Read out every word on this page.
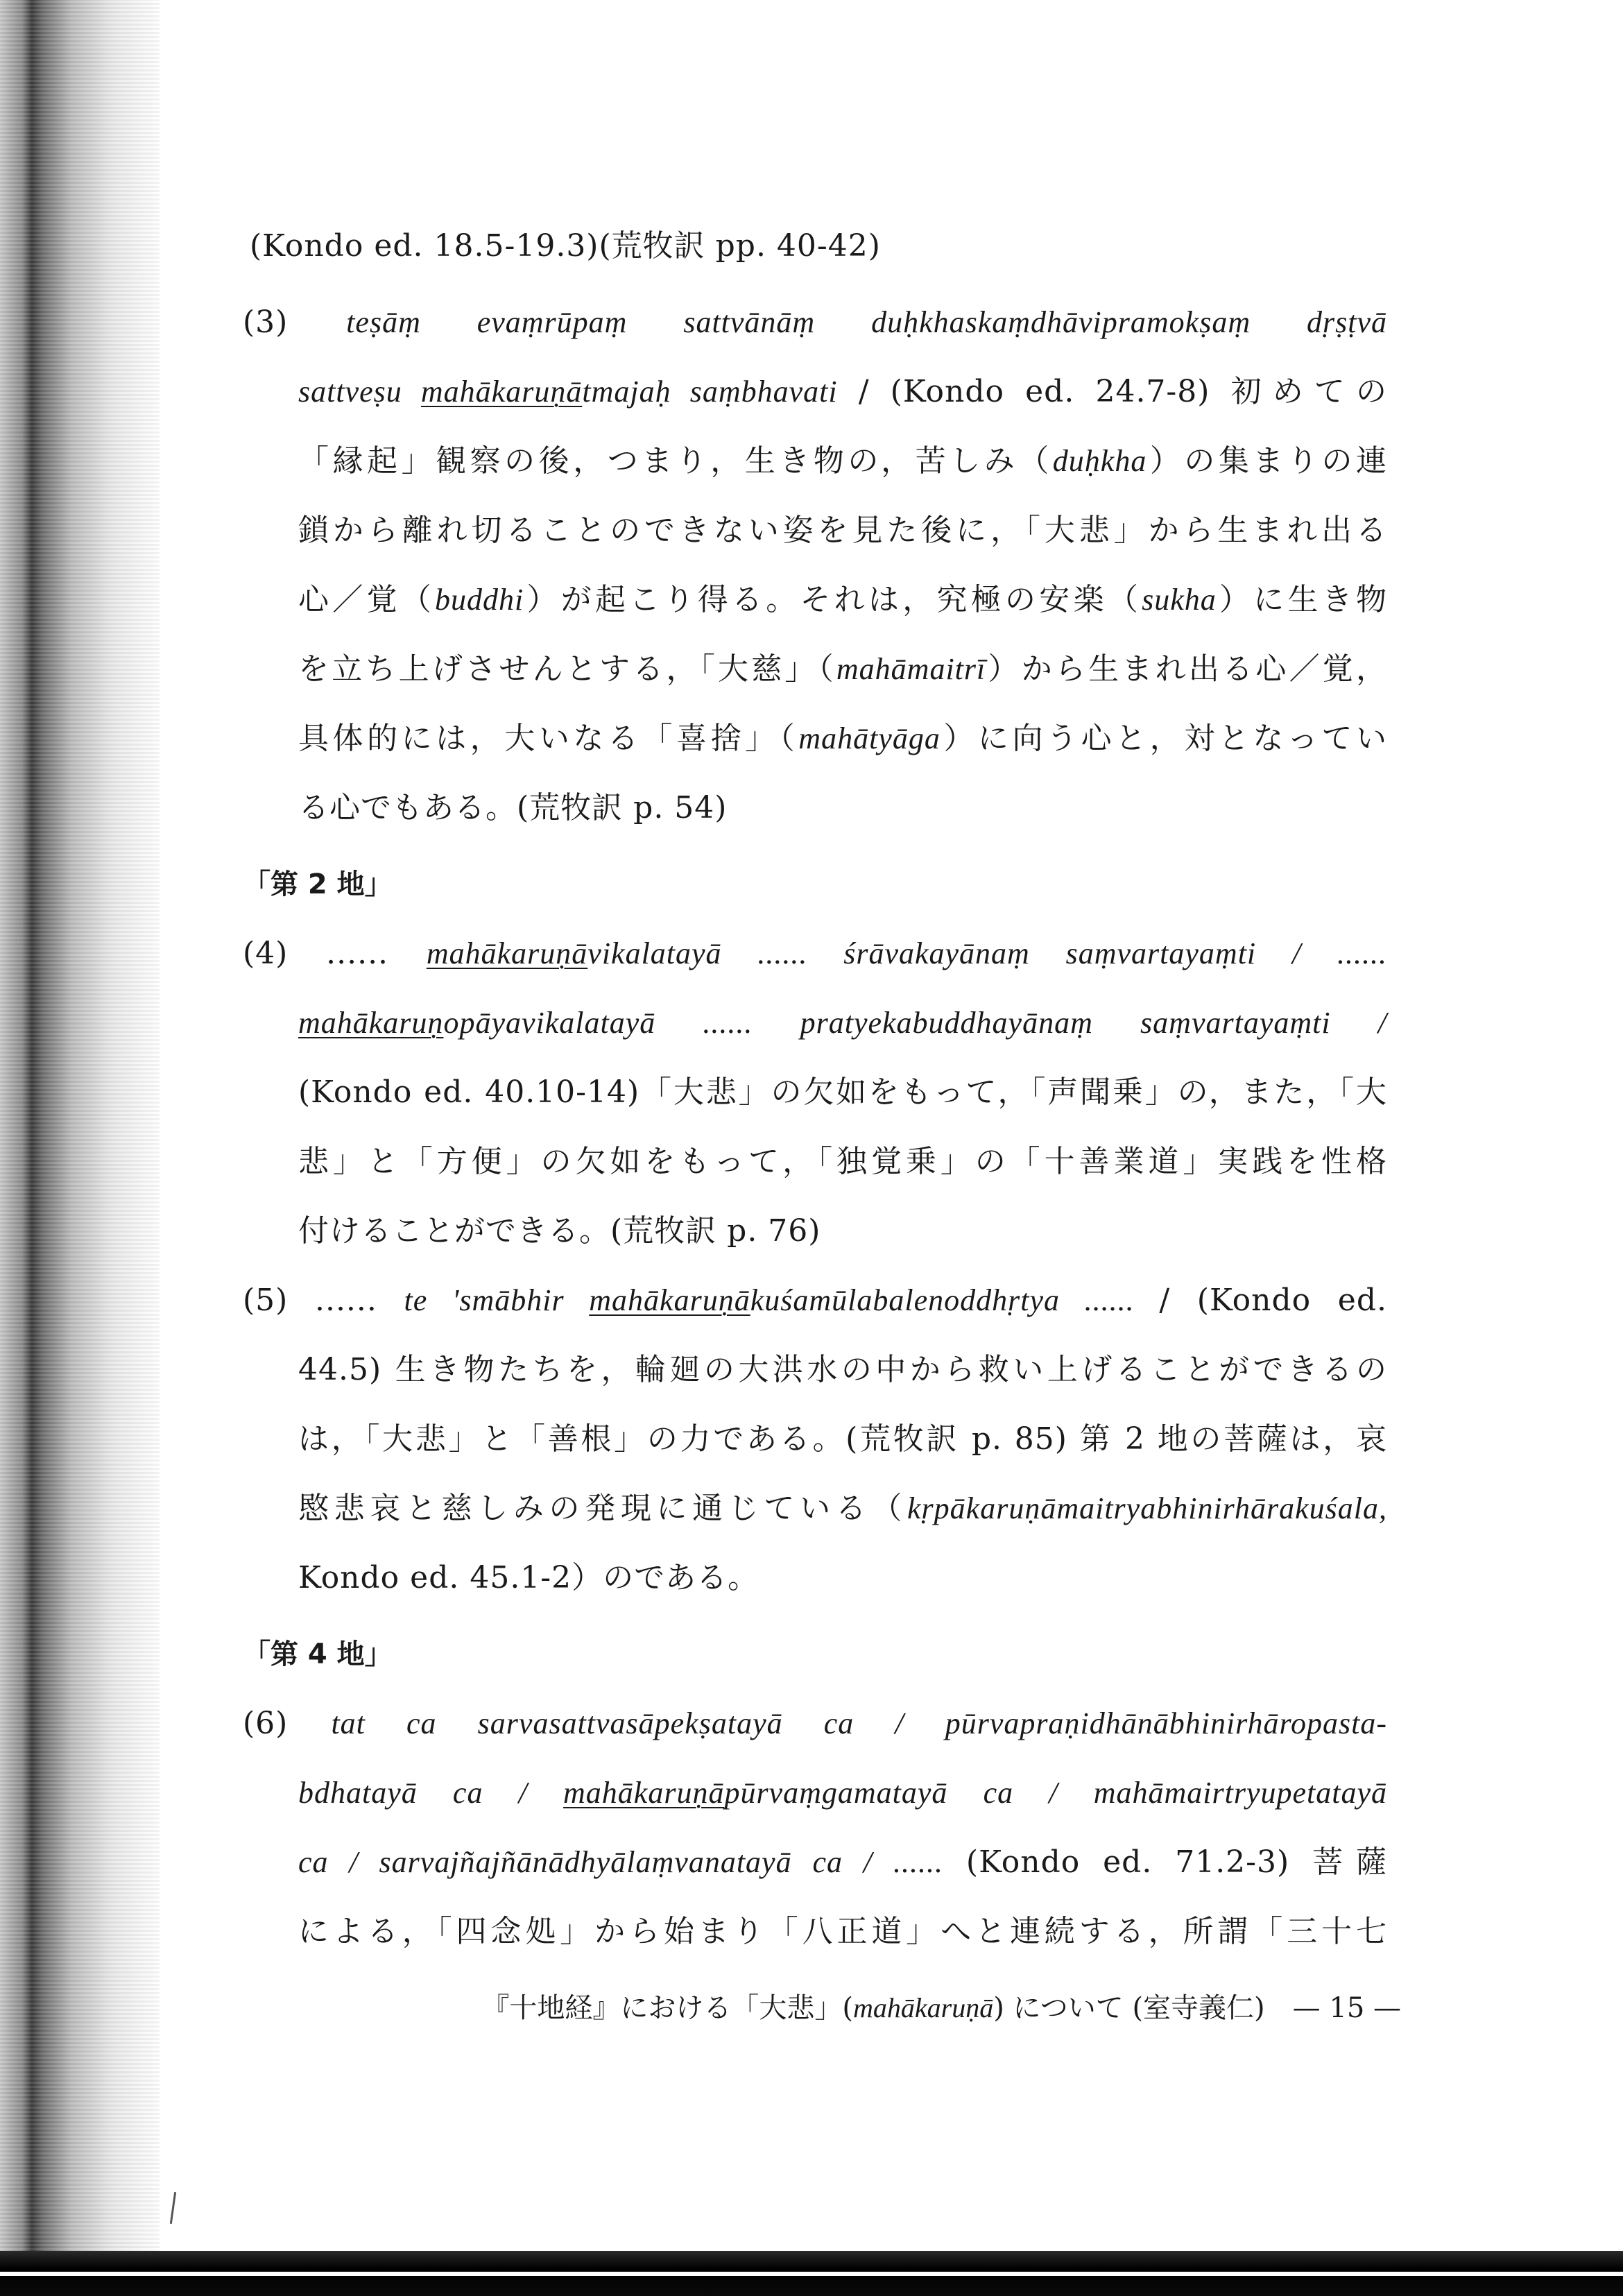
(Kondo ed. 18.5-19.3)(荒牧訳 pp. 40-42)
(3) teṣāṃ evaṃrūpaṃ sattvānāṃ duḥkhaskaṃdhāvipramokṣaṃ dṛṣṭvā
sattveṣu mahākaruṇātmajaḥ saṃbhavati / (Kondo ed. 24.7-8) 初めての
「縁起」観察の後，つまり，生き物の，苦しみ（duḥkha）の集まりの連
鎖から離れ切ることのできない姿を見た後に，「大悲」から生まれ出る
心／覚（buddhi）が起こり得る。それは，究極の安楽（sukha）に生き物
を立ち上げさせんとする，「大慈」（mahāmaitrī）から生まれ出る心／覚，
具体的には，大いなる「喜捨」（mahātyāga）に向う心と，対となってい
る心でもある。(荒牧訳 p. 54)
「第 2 地」
(4) ...... mahākaruṇāvikalatayā ...... śrāvakayānaṃ saṃvartayaṃti / ......
mahākaruṇopāyavikalatayā ...... pratyekabuddhayānaṃ saṃvartayaṃti /
(Kondo ed. 40.10-14)「大悲」の欠如をもって，「声聞乗」の，また，「大
悲」と「方便」の欠如をもって，「独覚乗」の「十善業道」実践を性格
付けることができる。(荒牧訳 p. 76)
(5) ...... te 'smābhir mahākaruṇākuśamūlabalenoddhṛtya ...... / (Kondo ed.
44.5) 生き物たちを，輪廻の大洪水の中から救い上げることができるの
は，「大悲」と「善根」の力である。(荒牧訳 p. 85) 第 2 地の菩薩は，哀
愍悲哀と慈しみの発現に通じている（kṛpākaruṇāmaitryabhinirhārakuśala,
Kondo ed. 45.1-2）のである。
「第 4 地」
(6) tat ca sarvasattvasāpekṣatayā ca / pūrvapraṇidhānābhinirhāropasta-
bdhatayā ca / mahākaruṇāpūrvaṃgamatayā ca / mahāmairtryupetatayā
ca / sarvajñajñānādhyālaṃvanatayā ca / ...... (Kondo ed. 71.2-3) 菩薩
による，「四念処」から始まり「八正道」へと連続する，所謂「三十七
『十地経』における「大悲」(mahākaruṇā) について (室寺義仁)　— 15 —
